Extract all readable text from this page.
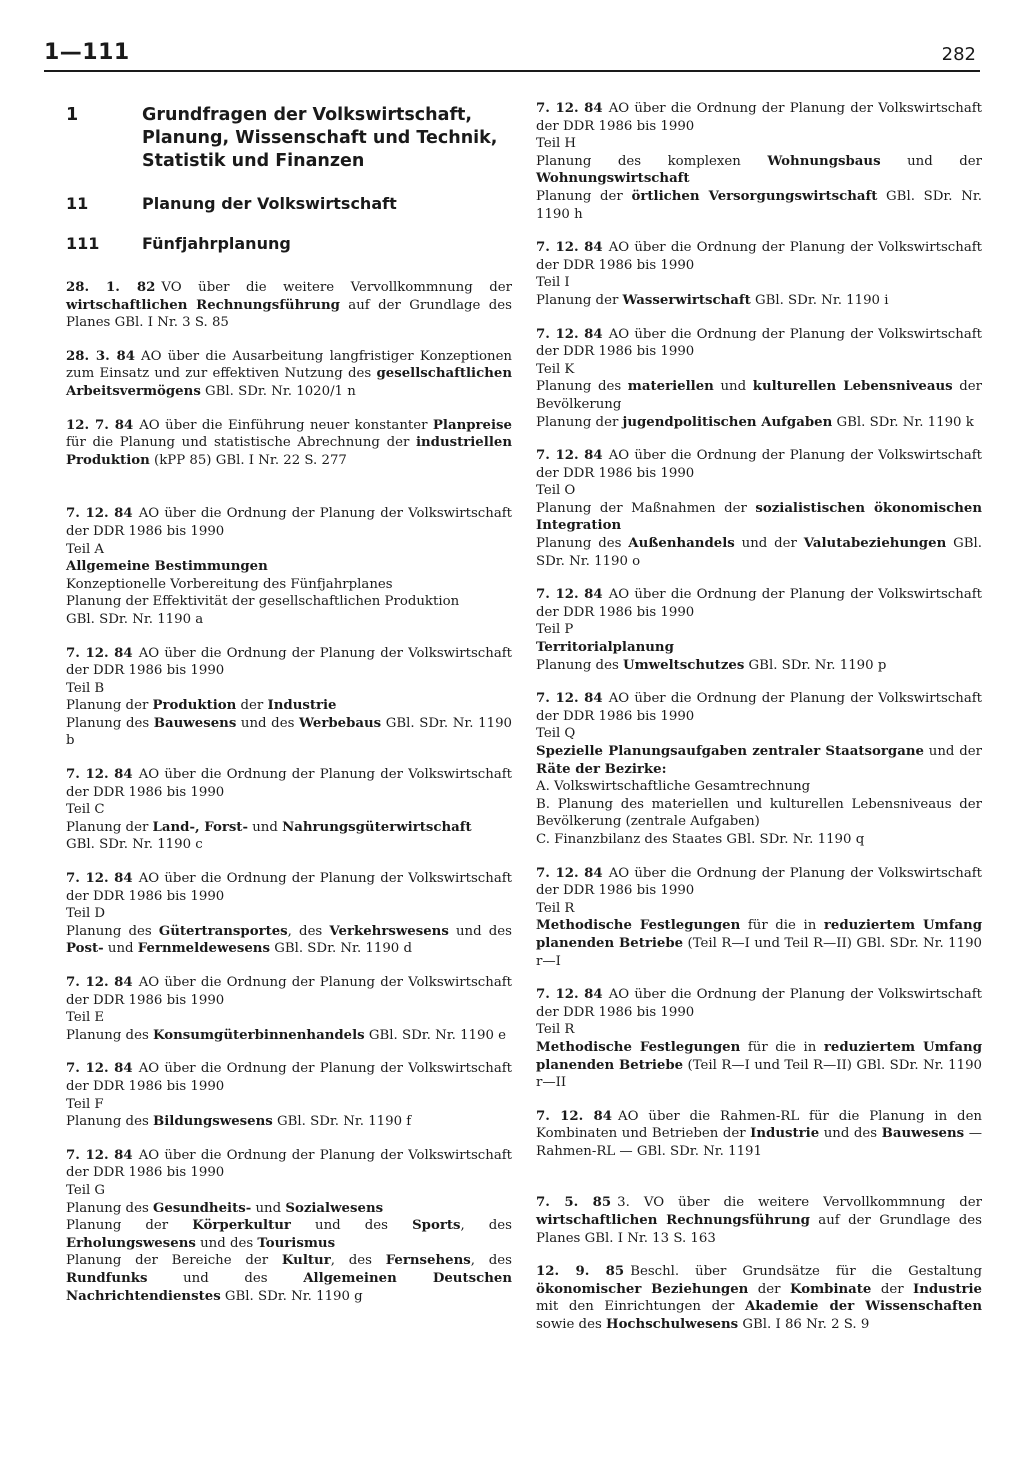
1—111	282
1	Grundfragen der Volkswirtschaft,
Planung, Wissenschaft und Technik,
Statistik und Finanzen
11	Planung der Volkswirtschaft
111	Fünfjahrplanung
28. 1. 82 VO über die weitere Vervollkommnung der wirtschaftlichen Rechnungsführung auf der Grundlage des Planes GBl. I Nr. 3 S. 85
28. 3. 84 AO über die Ausarbeitung langfristiger Konzeptionen zum Einsatz und zur effektiven Nutzung des gesellschaftlichen Arbeitsvermögens GBl. SDr. Nr. 1020/1 n
12. 7. 84 AO über die Einführung neuer konstanter Planpreise für die Planung und statistische Abrechnung der industriellen Produktion (kPP 85) GBl. I Nr. 22 S. 277
7. 12. 84 AO über die Ordnung der Planung der Volkswirtschaft der DDR 1986 bis 1990
Teil A
Allgemeine Bestimmungen
Konzeptionelle Vorbereitung des Fünfjahrplanes
Planung der Effektivität der gesellschaftlichen Produktion
GBl. SDr. Nr. 1190 a
7. 12. 84 AO über die Ordnung der Planung der Volkswirtschaft der DDR 1986 bis 1990
Teil B
Planung der Produktion der Industrie
Planung des Bauwesens und des Werbebaus GBl. SDr. Nr. 1190 b
7. 12. 84 AO über die Ordnung der Planung der Volkswirtschaft der DDR 1986 bis 1990
Teil C
Planung der Land-, Forst- und Nahrungsgüterwirtschaft
GBl. SDr. Nr. 1190 c
7. 12. 84 AO über die Ordnung der Planung der Volkswirtschaft der DDR 1986 bis 1990
Teil D
Planung des Gütertransportes, des Verkehrswesens und des Post- und Fernmeldewesens GBl. SDr. Nr. 1190 d
7. 12. 84 AO über die Ordnung der Planung der Volkswirtschaft der DDR 1986 bis 1990
Teil E
Planung des Konsumgüterbinnenhandels GBl. SDr. Nr. 1190 e
7. 12. 84 AO über die Ordnung der Planung der Volkswirtschaft der DDR 1986 bis 1990
Teil F
Planung des Bildungswesens GBl. SDr. Nr. 1190 f
7. 12. 84 AO über die Ordnung der Planung der Volkswirtschaft der DDR 1986 bis 1990
Teil G
Planung des Gesundheits- und Sozialwesens
Planung der Körperkultur und des Sports, des Erholungswesens und des Tourismus
Planung der Bereiche der Kultur, des Fernsehens, des Rundfunks und des Allgemeinen Deutschen Nachrichtendienstes GBl. SDr. Nr. 1190 g
7. 12. 84 AO über die Ordnung der Planung der Volkswirtschaft der DDR 1986 bis 1990
Teil H
Planung des komplexen Wohnungsbaus und der Wohnungswirtschaft
Planung der örtlichen Versorgungswirtschaft GBl. SDr. Nr. 1190 h
7. 12. 84 AO über die Ordnung der Planung der Volkswirtschaft der DDR 1986 bis 1990
Teil I
Planung der Wasserwirtschaft GBl. SDr. Nr. 1190 i
7. 12. 84 AO über die Ordnung der Planung der Volkswirtschaft der DDR 1986 bis 1990
Teil K
Planung des materiellen und kulturellen Lebensniveaus der Bevölkerung
Planung der jugendpolitischen Aufgaben GBl. SDr. Nr. 1190 k
7. 12. 84 AO über die Ordnung der Planung der Volkswirtschaft der DDR 1986 bis 1990
Teil O
Planung der Maßnahmen der sozialistischen ökonomischen Integration
Planung des Außenhandels und der Valutabeziehungen GBl. SDr. Nr. 1190 o
7. 12. 84 AO über die Ordnung der Planung der Volkswirtschaft der DDR 1986 bis 1990
Teil P
Territorialplanung
Planung des Umweltschutzes GBl. SDr. Nr. 1190 p
7. 12. 84 AO über die Ordnung der Planung der Volkswirtschaft der DDR 1986 bis 1990
Teil Q
Spezielle Planungsaufgaben zentraler Staatsorgane und der Räte der Bezirke:
A. Volkswirtschaftliche Gesamtrechnung
B. Planung des materiellen und kulturellen Lebensniveaus der Bevölkerung (zentrale Aufgaben)
C. Finanzbilanz des Staates GBl. SDr. Nr. 1190 q
7. 12. 84 AO über die Ordnung der Planung der Volkswirtschaft der DDR 1986 bis 1990
Teil R
Methodische Festlegungen für die in reduziertem Umfang planenden Betriebe (Teil R—I und Teil R—II) GBl. SDr. Nr. 1190 r—I
7. 12. 84 AO über die Ordnung der Planung der Volkswirtschaft der DDR 1986 bis 1990
Teil R
Methodische Festlegungen für die in reduziertem Umfang planenden Betriebe (Teil R—I und Teil R—II) GBl. SDr. Nr. 1190 r—II
7. 12. 84 AO über die Rahmen-RL für die Planung in den Kombinaten und Betrieben der Industrie und des Bauwesens — Rahmen-RL — GBl. SDr. Nr. 1191
7. 5. 85 3. VO über die weitere Vervollkommnung der wirtschaftlichen Rechnungsführung auf der Grundlage des Planes GBl. I Nr. 13 S. 163
12. 9. 85 Beschl. über Grundsätze für die Gestaltung ökonomischer Beziehungen der Kombinate der Industrie mit den Einrichtungen der Akademie der Wissenschaften sowie des Hochschulwesens GBl. I 86 Nr. 2 S. 9
